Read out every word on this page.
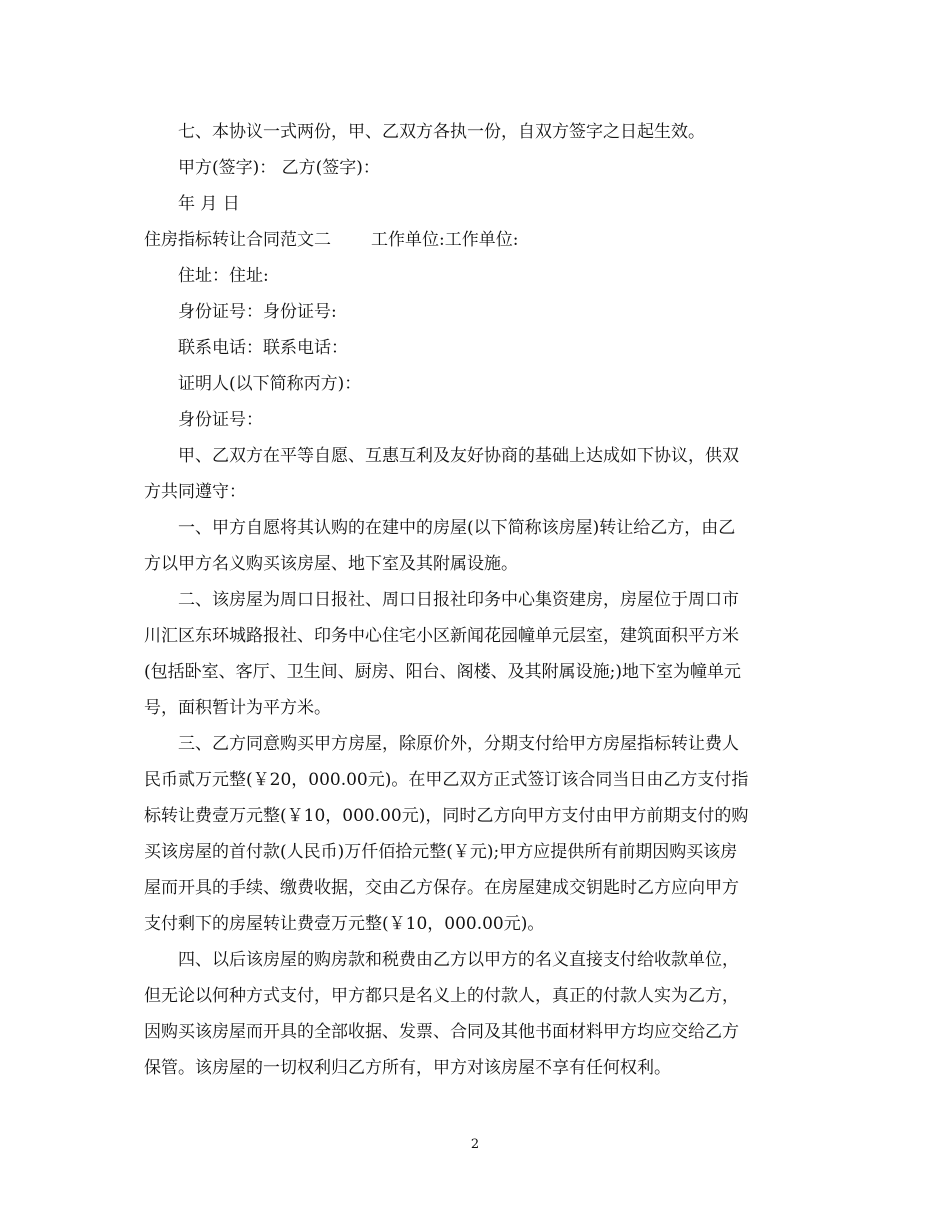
七、本协议一式两份，甲、乙双方各执一份，自双方签字之日起生效。
甲方(签字)： 乙方(签字)：
年 月 日
住房指标转让合同范文二 工作单位:工作单位:
住址：住址:
身份证号：身份证号:
联系电话：联系电话：
证明人(以下简称丙方)：
身份证号：
甲、乙双方在平等自愿、互惠互利及友好协商的基础上达成如下协议，供双
方共同遵守：
一、甲方自愿将其认购的在建中的房屋(以下简称该房屋)转让给乙方，由乙
方以甲方名义购买该房屋、地下室及其附属设施。
二、该房屋为周口日报社、周口日报社印务中心集资建房，房屋位于周口市
川汇区东环城路报社、印务中心住宅小区新闻花园幢单元层室，建筑面积平方米
(包括卧室、客厅、卫生间、厨房、阳台、阁楼、及其附属设施;)地下室为幢单元
号，面积暂计为平方米。
三、乙方同意购买甲方房屋，除原价外，分期支付给甲方房屋指标转让费人
民币贰万元整(￥20，000.00元)。在甲乙双方正式签订该合同当日由乙方支付指
标转让费壹万元整(￥10，000.00元)，同时乙方向甲方支付由甲方前期支付的购
买该房屋的首付款(人民币)万仟佰拾元整(￥元);甲方应提供所有前期因购买该房
屋而开具的手续、缴费收据，交由乙方保存。在房屋建成交钥匙时乙方应向甲方
支付剩下的房屋转让费壹万元整(￥10，000.00元)。
四、以后该房屋的购房款和税费由乙方以甲方的名义直接支付给收款单位，
但无论以何种方式支付，甲方都只是名义上的付款人，真正的付款人实为乙方，
因购买该房屋而开具的全部收据、发票、合同及其他书面材料甲方均应交给乙方
保管。该房屋的一切权利归乙方所有，甲方对该房屋不享有任何权利。
2
